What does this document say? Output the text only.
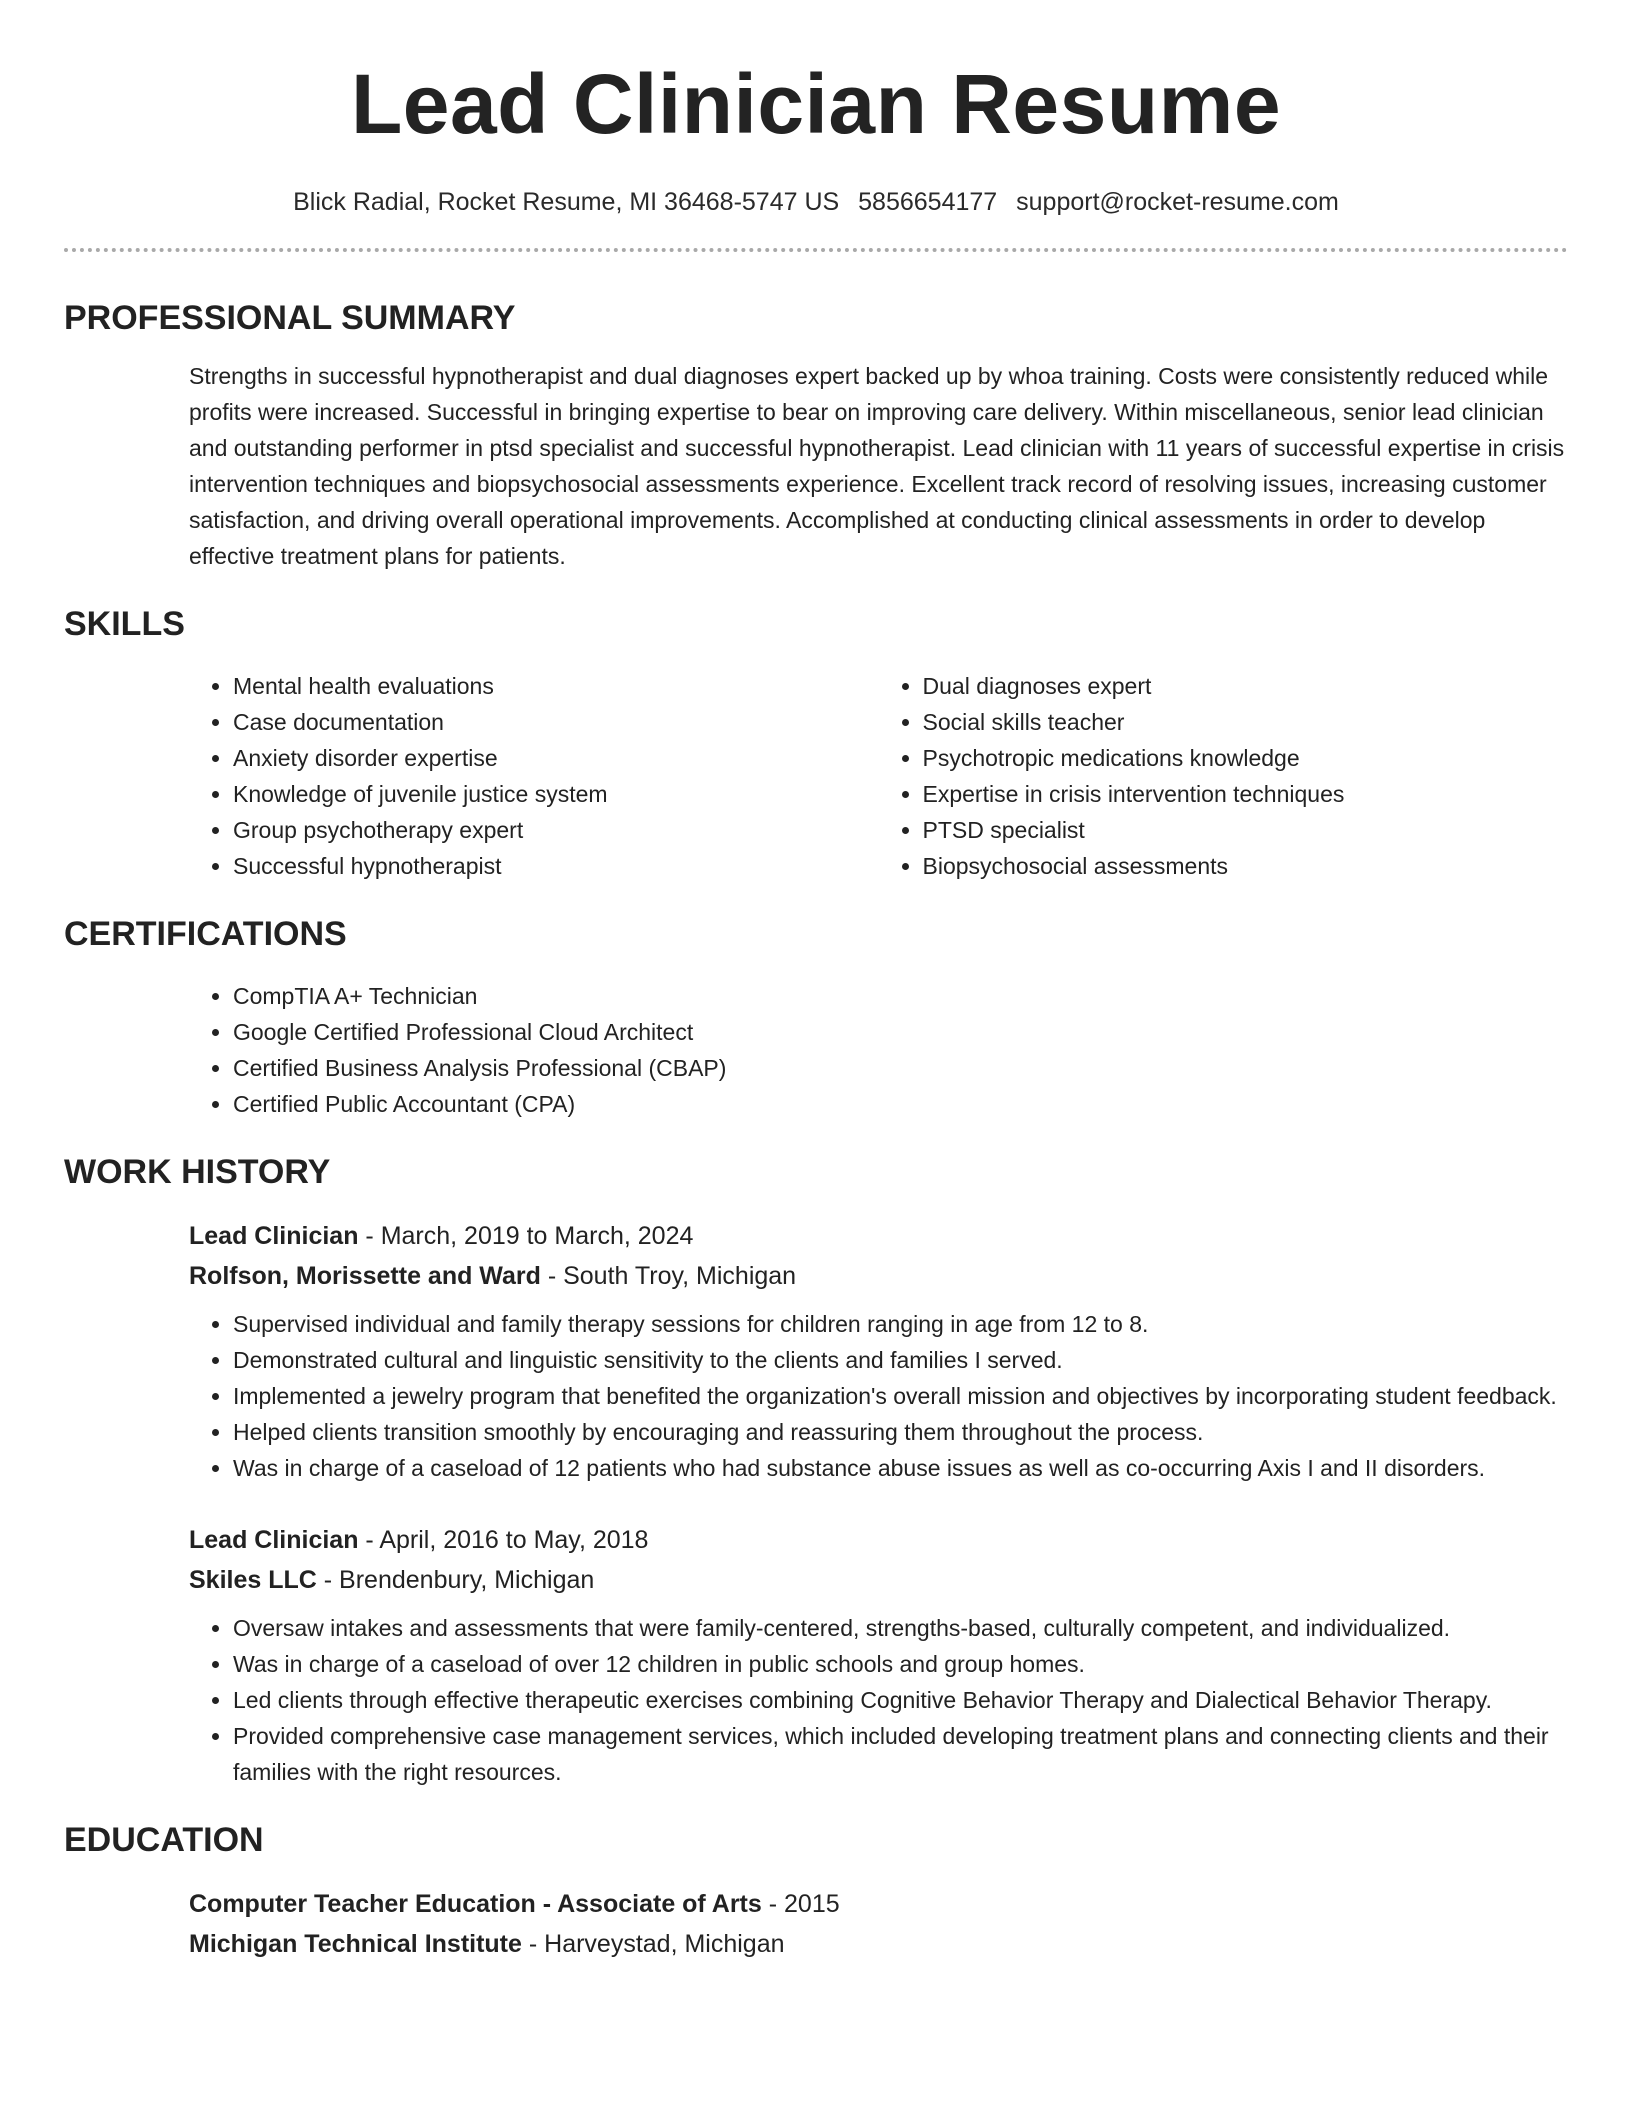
Lead Clinician Resume
Blick Radial, Rocket Resume, MI 36468-5747 US 5856654177 support@rocket-resume.com
PROFESSIONAL SUMMARY

Strengths in successful hypnotherapist and dual diagnoses expert backed up by whoa training. Costs were consistently reduced while profits were increased. Successful in bringing expertise to bear on improving care delivery. Within miscellaneous, senior lead clinician and outstanding performer in ptsd specialist and successful hypnotherapist. Lead clinician with 11 years of successful expertise in crisis intervention techniques and biopsychosocial assessments experience. Excellent track record of resolving issues, increasing customer satisfaction, and driving overall operational improvements. Accomplished at conducting clinical assessments in order to develop effective treatment plans for patients.

SKILLS
• Mental health evaluations
• Case documentation
• Anxiety disorder expertise
• Knowledge of juvenile justice system
• Group psychotherapy expert
• Successful hypnotherapist
• Dual diagnoses expert
• Social skills teacher
• Psychotropic medications knowledge
• Expertise in crisis intervention techniques
• PTSD specialist
• Biopsychosocial assessments
CERTIFICATIONS
• CompTIA A+ Technician
• Google Certified Professional Cloud Architect
• Certified Business Analysis Professional (CBAP)
• Certified Public Accountant (CPA)
WORK HISTORY
Lead Clinician - March, 2019 to March, 2024
Rolfson, Morissette and Ward - South Troy, Michigan
• Supervised individual and family therapy sessions for children ranging in age from 12 to 8.
• Demonstrated cultural and linguistic sensitivity to the clients and families I served.
• Implemented a jewelry program that benefited the organization's overall mission and objectives by incorporating student feedback.
• Helped clients transition smoothly by encouraging and reassuring them throughout the process.
• Was in charge of a caseload of 12 patients who had substance abuse issues as well as co-occurring Axis I and II disorders.
Lead Clinician - April, 2016 to May, 2018
Skiles LLC - Brendenbury, Michigan
• Oversaw intakes and assessments that were family-centered, strengths-based, culturally competent, and individualized.
• Was in charge of a caseload of over 12 children in public schools and group homes.
• Led clients through effective therapeutic exercises combining Cognitive Behavior Therapy and Dialectical Behavior Therapy.
• Provided comprehensive case management services, which included developing treatment plans and connecting clients and their families with the right resources.
EDUCATION
Computer Teacher Education - Associate of Arts - 2015
Michigan Technical Institute - Harveystad, Michigan
